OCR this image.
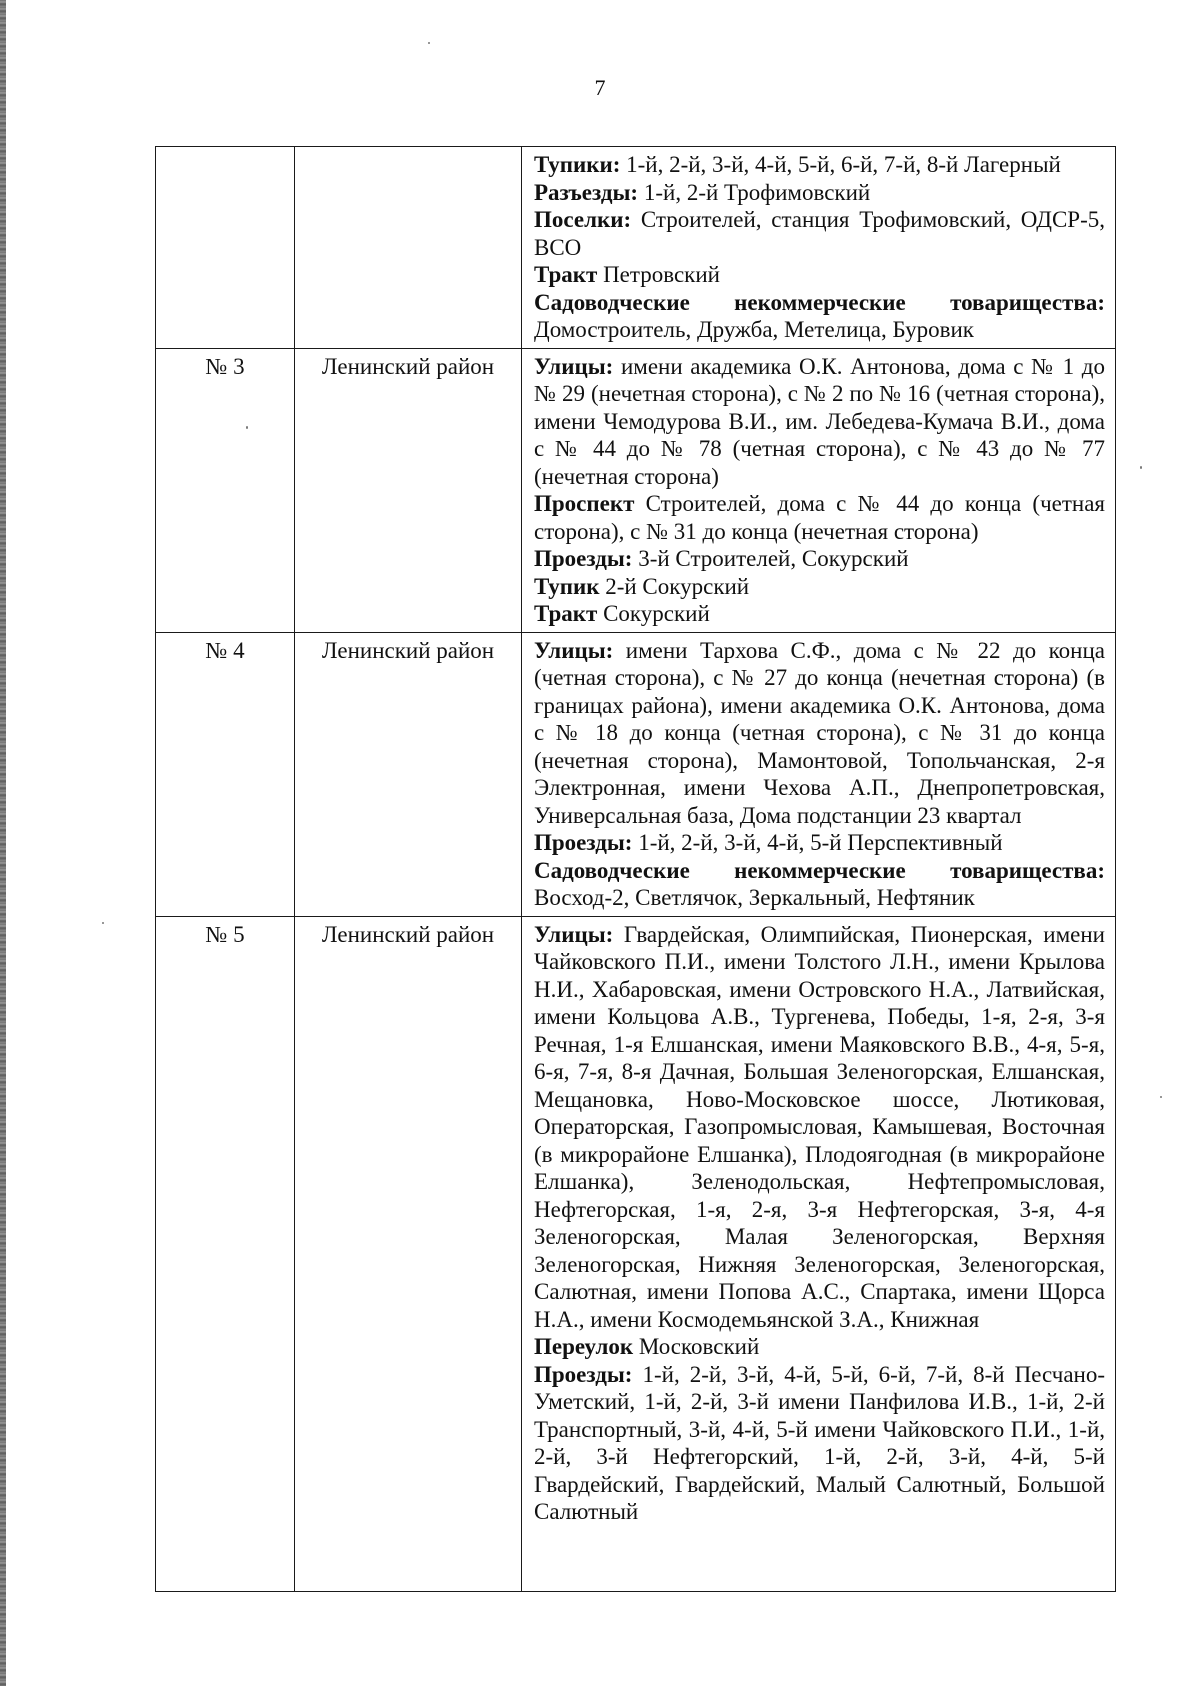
7

		Тупики: 1-й, 2-й, 3-й, 4-й, 5-й, 6-й, 7-й, 8-й Лагерный
Разъезды: 1-й, 2-й Трофимовский
Поселки: Строителей, станция Трофимовский, ОДСР-5, ВСО
Тракт Петровский
Садоводческие некоммерческие товарищества: Домостроитель, Дружба, Метелица, Буровик

№ 3	Ленинский район	Улицы: имени академика О.К. Антонова, дома с № 1 до № 29 (нечетная сторона), с № 2 по № 16 (четная сторона), имени Чемодурова В.И., им. Лебедева-Кумача В.И., дома с № 44 до № 78 (четная сторона), с № 43 до № 77 (нечетная сторона)
Проспект Строителей, дома с № 44 до конца (четная сторона), с № 31 до конца (нечетная сторона)
Проезды: 3-й Строителей, Сокурский
Тупик 2-й Сокурский
Тракт Сокурский

№ 4	Ленинский район	Улицы: имени Тархова С.Ф., дома с № 22 до конца (четная сторона), с № 27 до конца (нечетная сторона) (в границах района), имени академика О.К. Антонова, дома с № 18 до конца (четная сторона), с № 31 до конца (нечетная сторона), Мамонтовой, Топольчанская, 2-я Электронная, имени Чехова А.П., Днепропетровская, Универсальная база, Дома подстанции 23 квартал
Проезды: 1-й, 2-й, 3-й, 4-й, 5-й Перспективный
Садоводческие некоммерческие товарищества: Восход-2, Светлячок, Зеркальный, Нефтяник

№ 5	Ленинский район	Улицы: Гвардейская, Олимпийская, Пионерская, имени Чайковского П.И., имени Толстого Л.Н., имени Крылова Н.И., Хабаровская, имени Островского Н.А., Латвийская, имени Кольцова А.В., Тургенева, Победы, 1-я, 2-я, 3-я Речная, 1-я Елшанская, имени Маяковского В.В., 4-я, 5-я, 6-я, 7-я, 8-я Дачная, Большая Зеленогорская, Елшанская, Мещановка, Ново-Московское шоссе, Лютиковая, Операторская, Газопромысловая, Камышевая, Восточная (в микрорайоне Елшанка), Плодоягодная (в микрорайоне Елшанка), Зеленодольская, Нефтепромысловая, Нефтегорская, 1-я, 2-я, 3-я Нефтегорская, 3-я, 4-я Зеленогорская, Малая Зеленогорская, Верхняя Зеленогорская, Нижняя Зеленогорская, Зеленогорская, Салютная, имени Попова А.С., Спартака, имени Щорса Н.А., имени Космодемьянской З.А., Книжная
Переулок Московский
Проезды: 1-й, 2-й, 3-й, 4-й, 5-й, 6-й, 7-й, 8-й Песчано-Уметский, 1-й, 2-й, 3-й имени Панфилова И.В., 1-й, 2-й Транспортный, 3-й, 4-й, 5-й имени Чайковского П.И., 1-й, 2-й, 3-й Нефтегорский, 1-й, 2-й, 3-й, 4-й, 5-й Гвардейский, Гвардейский, Малый Салютный, Большой Салютный
